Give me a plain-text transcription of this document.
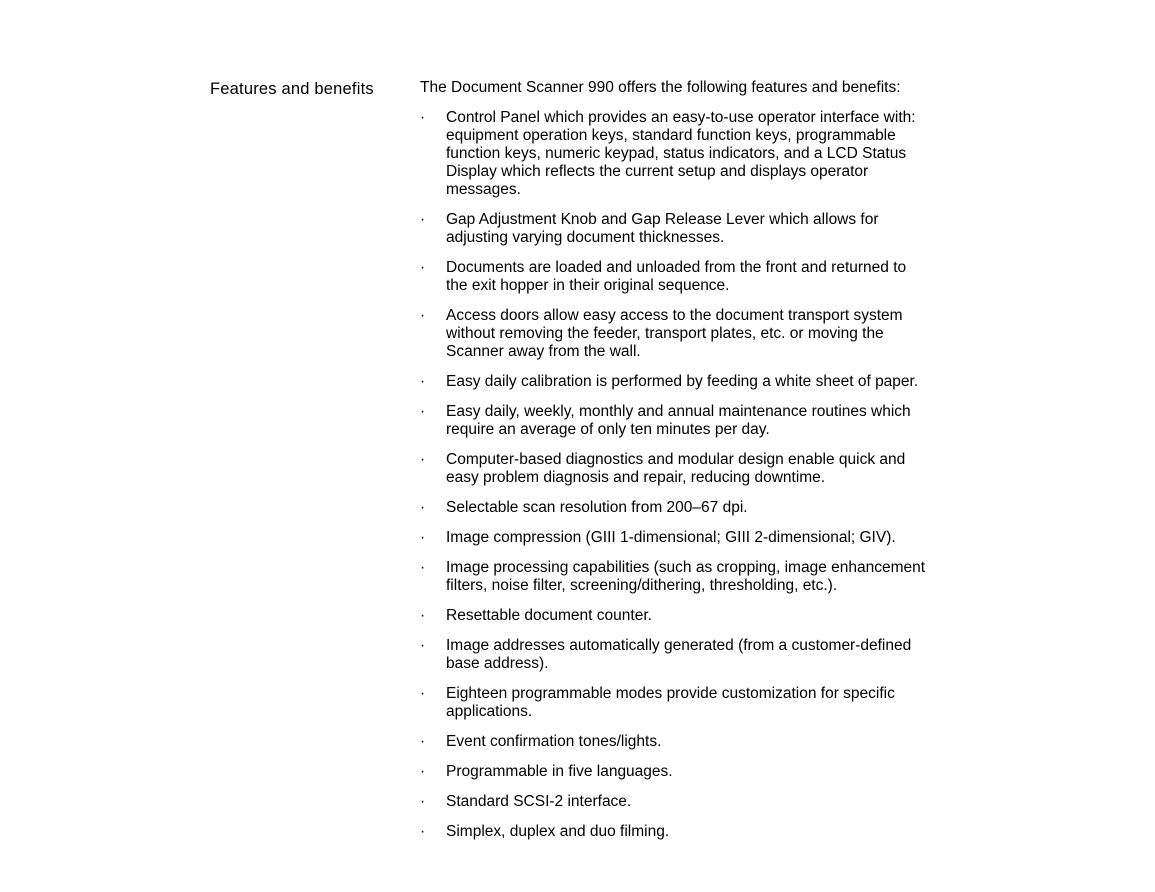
Features and benefits	The Document Scanner 990 offers the following features and benefits:

·	Control Panel which provides an easy-to-use operator interface with: equipment operation keys, standard function keys, programmable function keys, numeric keypad, status indicators, and a LCD Status Display which reflects the current setup and displays operator messages.
·	Gap Adjustment Knob and Gap Release Lever which allows for adjusting varying document thicknesses.
·	Documents are loaded and unloaded from the front and returned to the exit hopper in their original sequence.
·	Access doors allow easy access to the document transport system without removing the feeder, transport plates, etc. or moving the Scanner away from the wall.
·	Easy daily calibration is performed by feeding a white sheet of paper.
·	Easy daily, weekly, monthly and annual maintenance routines which require an average of only ten minutes per day.
·	Computer-based diagnostics and modular design enable quick and easy problem diagnosis and repair, reducing downtime.
·	Selectable scan resolution from 200–67 dpi.
·	Image compression (GIII 1-dimensional; GIII 2-dimensional; GIV).
·	Image processing capabilities (such as cropping, image enhancement filters, noise filter, screening/dithering, thresholding, etc.).
·	Resettable document counter.
·	Image addresses automatically generated (from a customer-defined base address).
·	Eighteen programmable modes provide customization for specific applications.
·	Event confirmation tones/lights.
·	Programmable in five languages.
·	Standard SCSI-2 interface.
·	Simplex, duplex and duo filming.
